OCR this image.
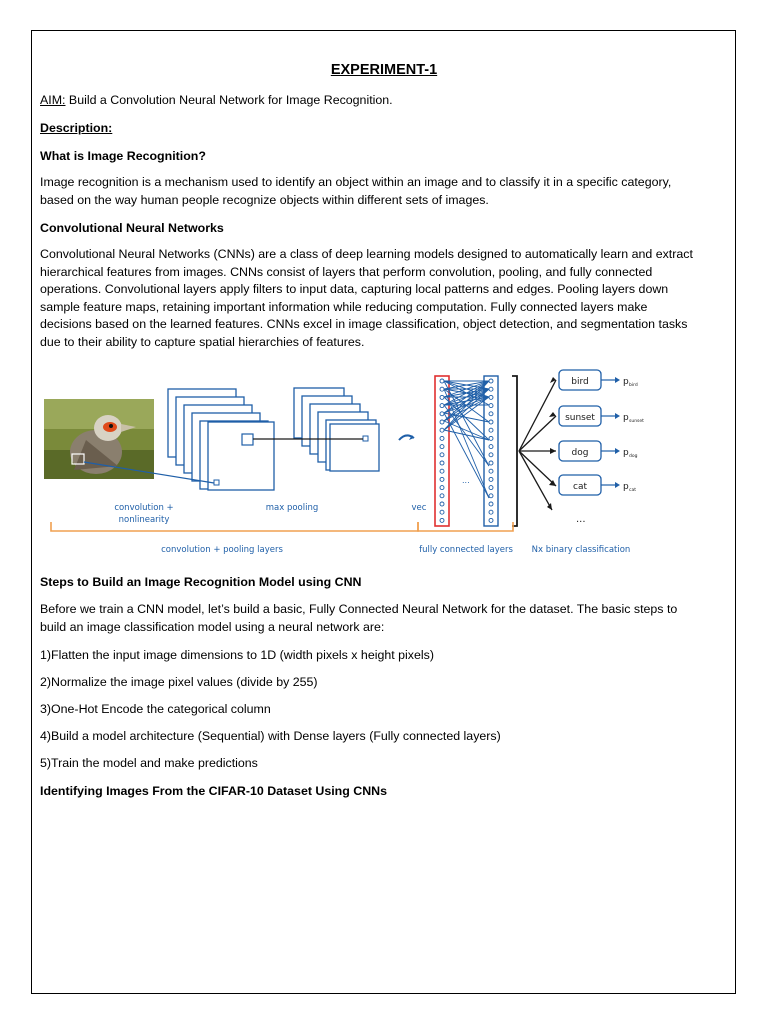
EXPERIMENT-1
AIM: Build a Convolution Neural Network for Image Recognition.
Description:
What is Image Recognition?
Image recognition is a mechanism used to identify an object within an image and to classify it in a specific category,
based on the way human people recognize objects within different sets of images.
Convolutional Neural Networks
Convolutional Neural Networks (CNNs) are a class of deep learning models designed to automatically learn and extract
hierarchical features from images. CNNs consist of layers that perform convolution, pooling, and fully connected
operations. Convolutional layers apply filters to input data, capturing local patterns and edges. Pooling layers down
sample feature maps, retaining important information while reducing computation. Fully connected layers make
decisions based on the learned features. CNNs excel in image classification, object detection, and segmentation tasks
due to their ability to capture spatial hierarchies of features.
...
bird	p bird
sunset	p sunset
dog	p dog
cat	p cat
...
convolution +
nonlinearity
max pooling	vec
convolution + pooling layers	fully connected layers Nx binary classification
Steps to Build an Image Recognition Model using CNN
Before we train a CNN model, let’s build a basic, Fully Connected Neural Network for the dataset. The basic steps to
build an image classification model using a neural network are:
1)Flatten the input image dimensions to 1D (width pixels x height pixels)
2)Normalize the image pixel values (divide by 255)
3)One-Hot Encode the categorical column
4)Build a model architecture (Sequential) with Dense layers (Fully connected layers)
5)Train the model and make predictions
Identifying Images From the CIFAR-10 Dataset Using CNNs
